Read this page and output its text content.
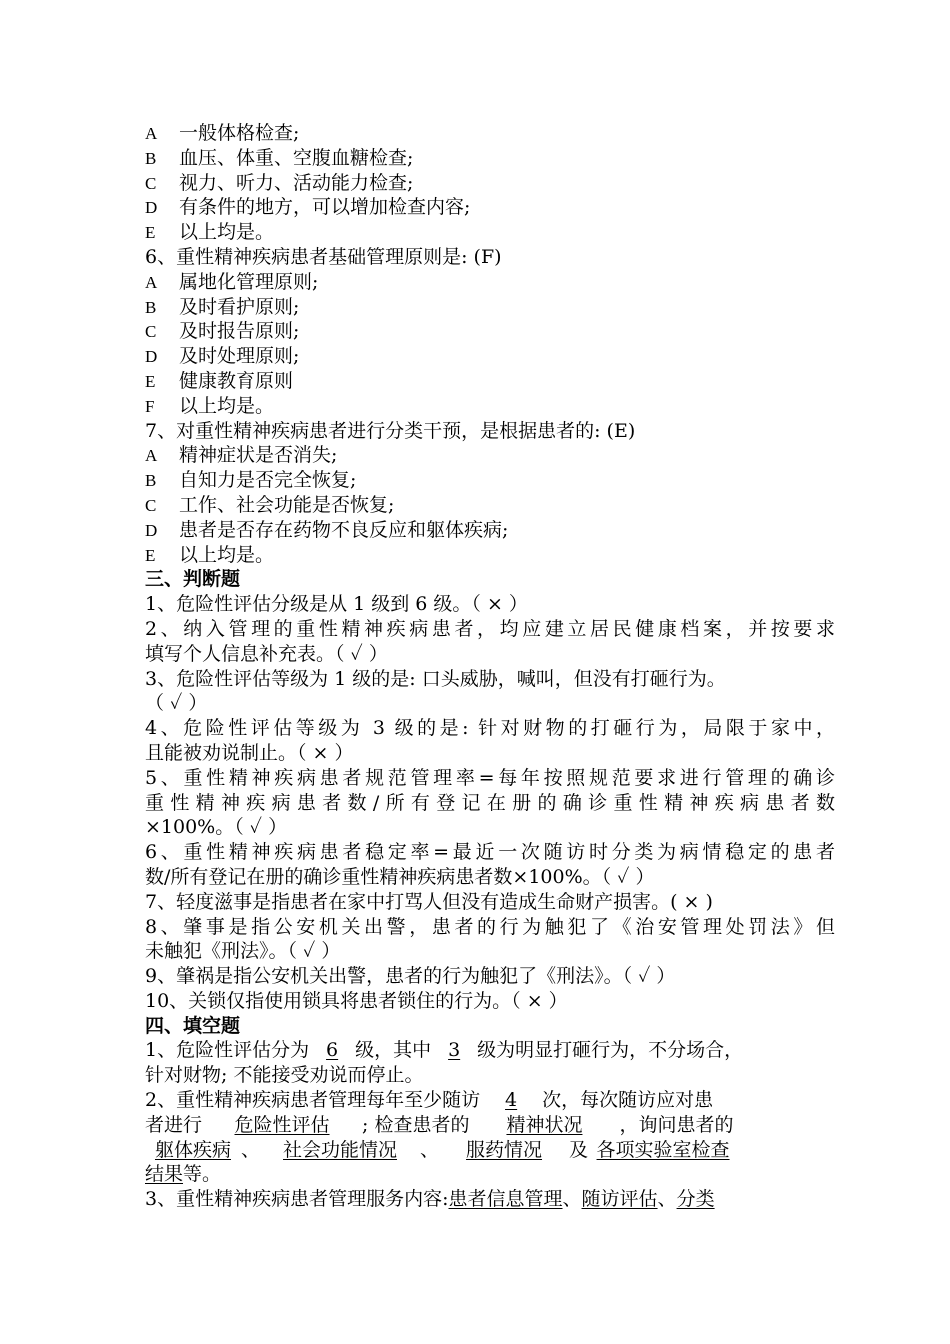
A 一般体格检查;
B 血压、体重、空腹血糖检查;
C 视力、听力、活动能力检查;
D 有条件的地方，可以增加检查内容;
E 以上均是。
6、重性精神疾病患者基础管理原则是: (F)
A 属地化管理原则;
B 及时看护原则;
C 及时报告原则;
D 及时处理原则;
E 健康教育原则
F 以上均是。
7、对重性精神疾病患者进行分类干预，是根据患者的: (E)
A 精神症状是否消失;
B 自知力是否完全恢复;
C 工作、社会功能是否恢复;
D 患者是否存在药物不良反应和躯体疾病;
E 以上均是。
三、判断题
1、危险性评估分级是从 1 级到 6 级。（ × ）
2、纳入管理的重性精神疾病患者，均应建立居民健康档案，并按要求
填写个人信息补充表。（ ✓ ）
3、危险性评估等级为 1 级的是: 口头威胁，喊叫，但没有打砸行为。
（ ✓ ）
4、危险性评估等级为 3 级的是: 针对财物的打砸行为，局限于家中，
且能被劝说制止。（ × ）
5、重性精神疾病患者规范管理率=每年按照规范要求进行管理的确诊
重性精神疾病患者数/所有登记在册的确诊重性精神疾病患者数
×100%。（ ✓ ）
6、重性精神疾病患者稳定率=最近一次随访时分类为病情稳定的患者
数/所有登记在册的确诊重性精神疾病患者数×100%。（ ✓ ）
7、轻度滋事是指患者在家中打骂人但没有造成生命财产损害。( × )
8、肇事是指公安机关出警，患者的行为触犯了《治安管理处罚法》但
未触犯《刑法》。（ ✓ ）
9、肇祸是指公安机关出警，患者的行为触犯了《刑法》。（ ✓ ）
10、关锁仅指使用锁具将患者锁住的行为。（ × ）
四、填空题
1、危险性评估分为 6 级，其中 3 级为明显打砸行为，不分场合，
针对财物; 不能接受劝说而停止。
2、重性精神疾病患者管理每年至少随访 4 次，每次随访应对患
者进行 危险性评估 ; 检查患者的 精神状况 ，询问患者的
躯体疾病 、 社会功能情况 、 服药情况 及 各项实验室检查
结果等。
3、重性精神疾病患者管理服务内容:患者信息管理、随访评估、分类
